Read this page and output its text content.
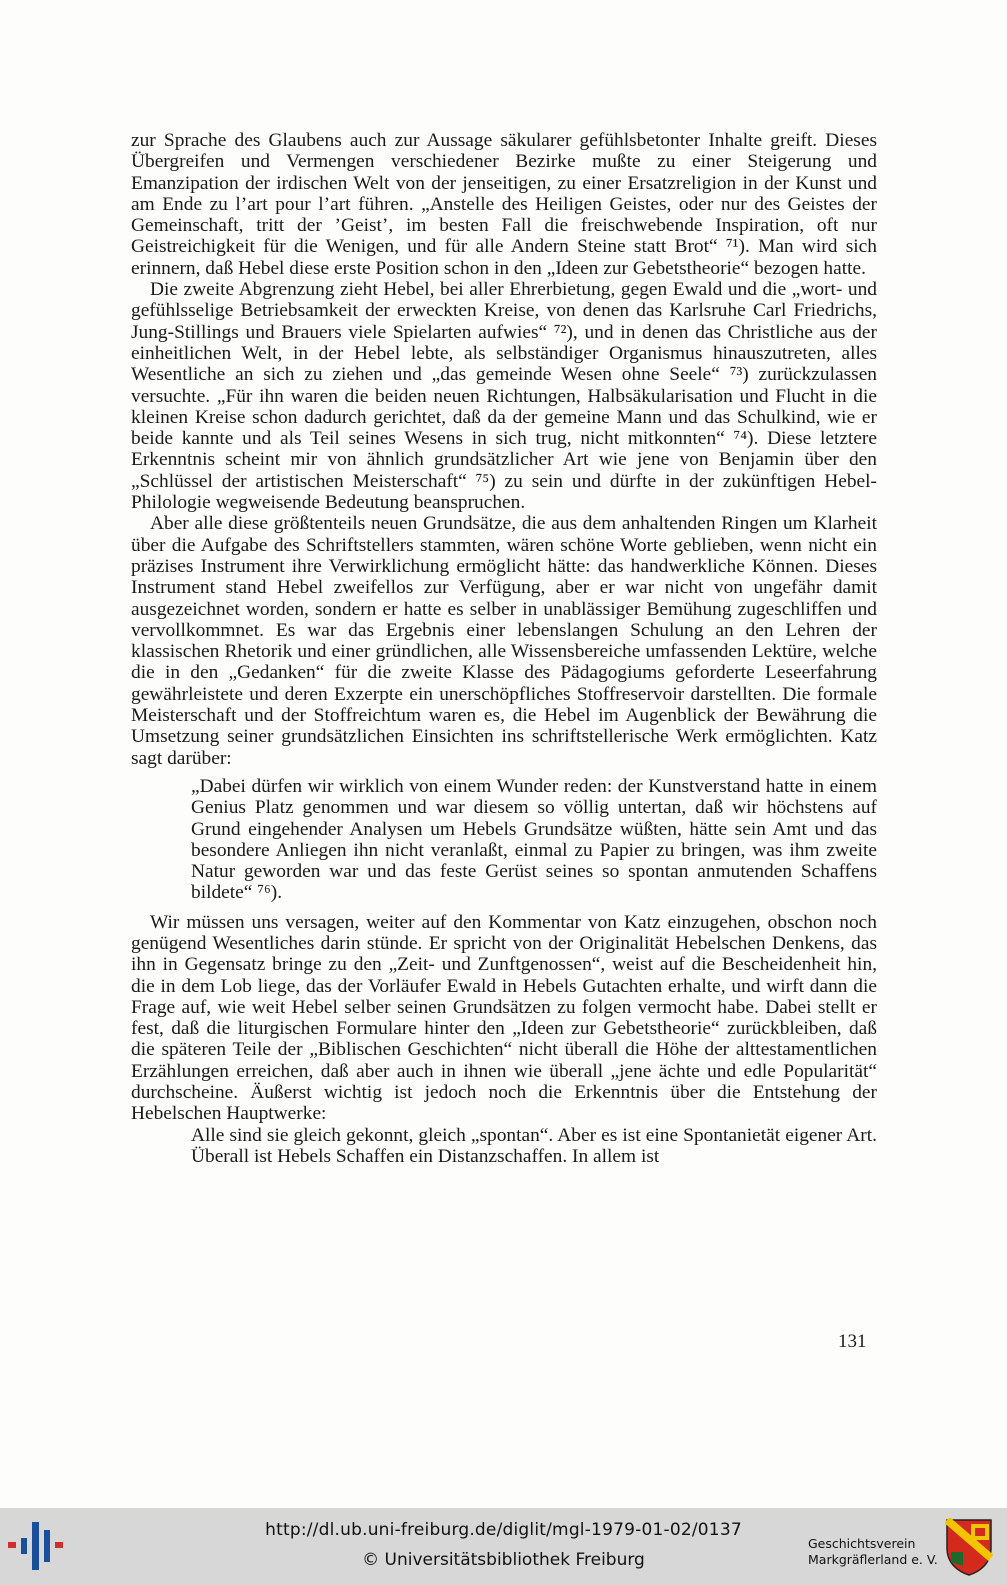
zur Sprache des Glaubens auch zur Aussage säkularer gefühlsbetonter Inhalte greift. Dieses Übergreifen und Vermengen verschiedener Bezirke mußte zu einer Steigerung und Emanzipation der irdischen Welt von der jenseitigen, zu einer Ersatzreligion in der Kunst und am Ende zu l’art pour l’art führen. „Anstelle des Heiligen Geistes, oder nur des Geistes der Gemeinschaft, tritt der ’Geist’, im besten Fall die freischwebende Inspiration, oft nur Geistreichigkeit für die Wenigen, und für alle Andern Steine statt Brot“ ⁷¹). Man wird sich erinnern, daß Hebel diese erste Position schon in den „Ideen zur Gebetstheorie“ bezogen hatte.

Die zweite Abgrenzung zieht Hebel, bei aller Ehrerbietung, gegen Ewald und die „wort- und gefühlsselige Betriebsamkeit der erweckten Kreise, von denen das Karlsruhe Carl Friedrichs, Jung-Stillings und Brauers viele Spielarten aufwies“ ⁷²), und in denen das Christliche aus der einheitlichen Welt, in der Hebel lebte, als selbständiger Organismus hinauszutreten, alles Wesentliche an sich zu ziehen und „das gemeinde Wesen ohne Seele“ ⁷³) zurückzulassen versuchte. „Für ihn waren die beiden neuen Richtungen, Halbsäkularisation und Flucht in die kleinen Kreise schon dadurch gerichtet, daß da der gemeine Mann und das Schulkind, wie er beide kannte und als Teil seines Wesens in sich trug, nicht mitkonnten“ ⁷⁴). Diese letztere Erkenntnis scheint mir von ähnlich grundsätzlicher Art wie jene von Benjamin über den „Schlüssel der artistischen Meisterschaft“ ⁷⁵) zu sein und dürfte in der zukünftigen Hebel-Philologie wegweisende Bedeutung beanspruchen.

Aber alle diese größtenteils neuen Grundsätze, die aus dem anhaltenden Ringen um Klarheit über die Aufgabe des Schriftstellers stammten, wären schöne Worte geblieben, wenn nicht ein präzises Instrument ihre Verwirklichung ermöglicht hätte: das handwerkliche Können. Dieses Instrument stand Hebel zweifellos zur Verfügung, aber er war nicht von ungefähr damit ausgezeichnet worden, sondern er hatte es selber in unablässiger Bemühung zugeschliffen und vervollkommnet. Es war das Ergebnis einer lebenslangen Schulung an den Lehren der klassischen Rhetorik und einer gründlichen, alle Wissensbereiche umfassenden Lektüre, welche die in den „Gedanken“ für die zweite Klasse des Pädagogiums geforderte Leseerfahrung gewährleistete und deren Exzerpte ein unerschöpfliches Stoffreservoir darstellten. Die formale Meisterschaft und der Stoffreichtum waren es, die Hebel im Augenblick der Bewährung die Umsetzung seiner grundsätzlichen Einsichten ins schriftstellerische Werk ermöglichten. Katz sagt darüber:

„Dabei dürfen wir wirklich von einem Wunder reden: der Kunstverstand hatte in einem Genius Platz genommen und war diesem so völlig untertan, daß wir höchstens auf Grund eingehender Analysen um Hebels Grundsätze wüßten, hätte sein Amt und das besondere Anliegen ihn nicht veranlaßt, einmal zu Papier zu bringen, was ihm zweite Natur geworden war und das feste Gerüst seines so spontan anmutenden Schaffens bildete“ ⁷⁶).

Wir müssen uns versagen, weiter auf den Kommentar von Katz einzugehen, obschon noch genügend Wesentliches darin stünde. Er spricht von der Originalität Hebelschen Denkens, das ihn in Gegensatz bringe zu den „Zeit- und Zunftgenossen“, weist auf die Bescheidenheit hin, die in dem Lob liege, das der Vorläufer Ewald in Hebels Gutachten erhalte, und wirft dann die Frage auf, wie weit Hebel selber seinen Grundsätzen zu folgen vermocht habe. Dabei stellt er fest, daß die liturgischen Formulare hinter den „Ideen zur Gebetstheorie“ zurückbleiben, daß die späteren Teile der „Biblischen Geschichten“ nicht überall die Höhe der alttestamentlichen Erzählungen erreichen, daß aber auch in ihnen wie überall „jene ächte und edle Popularität“ durchscheine. Äußerst wichtig ist jedoch noch die Erkenntnis über die Entstehung der Hebelschen Hauptwerke:

Alle sind sie gleich gekonnt, gleich „spontan“. Aber es ist eine Spontanietät eigener Art. Überall ist Hebels Schaffen ein Distanzschaffen. In allem ist

131
http://dl.ub.uni-freiburg.de/diglit/mgl-1979-01-02/0137
© Universitätsbibliothek Freiburg
Geschichtsverein
Markgräflerland e. V.
